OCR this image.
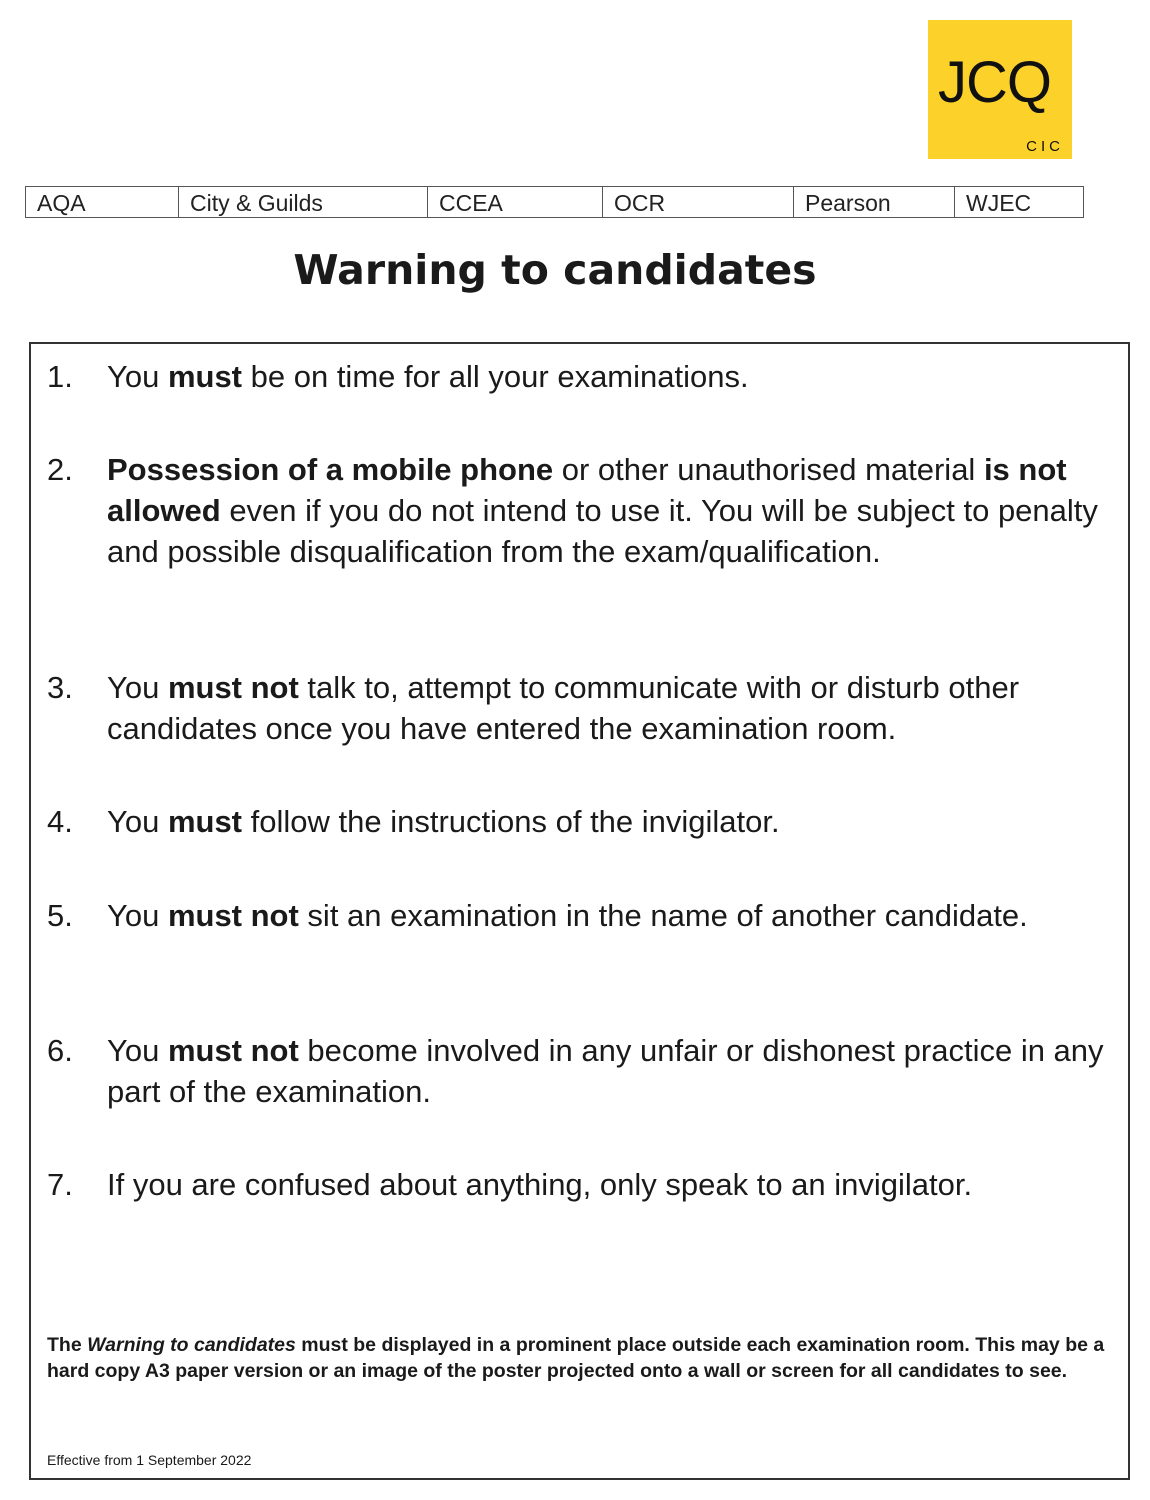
JCQ
CIC
AQA	City & Guilds	CCEA	OCR	Pearson	WJEC
Warning to candidates
1. You must be on time for all your examinations.
2. Possession of a mobile phone or other unauthorised material is not allowed even if you do not intend to use it. You will be subject to penalty and possible disqualification from the exam/qualification.
3. You must not talk to, attempt to communicate with or disturb other candidates once you have entered the examination room.
4. You must follow the instructions of the invigilator.
5. You must not sit an examination in the name of another candidate.
6. You must not become involved in any unfair or dishonest practice in any part of the examination.
7. If you are confused about anything, only speak to an invigilator.
The Warning to candidates must be displayed in a prominent place outside each examination room. This may be a hard copy A3 paper version or an image of the poster projected onto a wall or screen for all candidates to see.
Effective from 1 September 2022
